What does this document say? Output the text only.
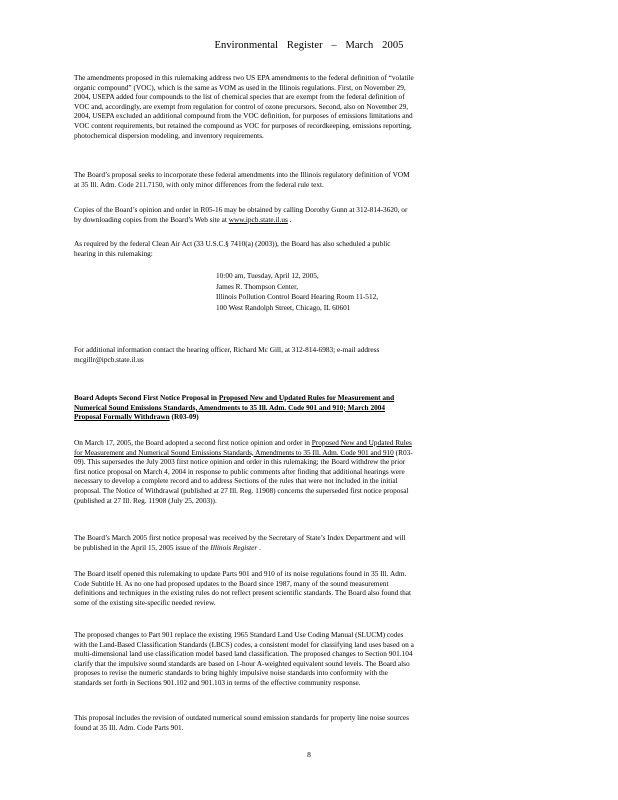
Environmental Register – March 2005
The amendments proposed in this rulemaking address two US EPA amendments to the federal definition of “volatile
organic compound” (VOC), which is the same as VOM as used in the Illinois regulations. First, on November 29,
2004, USEPA added four compounds to the list of chemical species that are exempt from the federal definition of
VOC and, accordingly, are exempt from regulation for control of ozone precursors. Second, also on November 29,
2004, USEPA excluded an additional compound from the VOC definition, for purposes of emissions limitations and
VOC content requirements, but retained the compound as VOC for purposes of recordkeeping, emissions reporting,
photochemical dispersion modeling, and inventory requirements.
The Board’s proposal seeks to incorporate these federal amendments into the Illinois regulatory definition of VOM
at 35 Ill. Adm. Code 211.7150, with only minor differences from the federal rule text.
Copies of the Board’s opinion and order in R05-16 may be obtained by calling Dorothy Gunn at 312-814-3620, or
by downloading copies from the Board’s Web site at www.ipcb.state.il.us .
As required by the federal Clean Air Act (33 U.S.C.§ 7410(a) (2003)), the Board has also scheduled a public
hearing in this rulemaking:
10:00 am, Tuesday, April 12, 2005,
James R. Thompson Center,
Illinois Pollution Control Board Hearing Room 11-512,
100 West Randolph Street, Chicago, IL 60601
For additional information contact the hearing officer, Richard Mc Gill, at 312-814-6983; e-mail address
mcgillr@ipcb.state.il.us
Board Adopts Second First Notice Proposal in Proposed New and Updated Rules for Measurement and
Numerical Sound Emissions Standards, Amendments to 35 Ill. Adm. Code 901 and 910; March 2004
Proposal Formally Withdrawn (R03-09)
On March 17, 2005, the Board adopted a second first notice opinion and order in Proposed New and Updated Rules
for Measurement and Numerical Sound Emissions Standards, Amendments to 35 Ill. Adm. Code 901 and 910 (R03-
09). This supersedes the July 2003 first notice opinion and order in this rulemaking; the Board withdrew the prior
first notice proposal on March 4, 2004 in response to public comments after finding that additional hearings were
necessary to develop a complete record and to address Sections of the rules that were not included in the initial
proposal. The Notice of Withdrawal (published at 27 Ill. Reg. 11908) concerns the superseded first notice proposal
(published at 27 Ill. Reg. 11908 (July 25, 2003)).
The Board’s March 2005 first notice proposal was received by the Secretary of State’s Index Department and will
be published in the April 15, 2005 issue of the Illinois Register .
The Board itself opened this rulemaking to update Parts 901 and 910 of its noise regulations found in 35 Ill. Adm.
Code Subtitle H. As no one had proposed updates to the Board since 1987, many of the sound measurement
definitions and techniques in the existing rules do not reflect present scientific standards. The Board also found that
some of the existing site-specific needed review.
The proposed changes to Part 901 replace the existing 1965 Standard Land Use Coding Manual (SLUCM) codes
with the Land-Based Classification Standards (LBCS) codes, a consistent model for classifying land uses based on a
multi-dimensional land use classification model based land classification. The proposed changes to Section 901.104
clarify that the impulsive sound standards are based on 1-hour A-weighted equivalent sound levels. The Board also
proposes to revise the numeric standards to bring highly impulsive noise standards into conformity with the
standards set forth in Sections 901.102 and 901.103 in terms of the effective community response.
This proposal includes the revision of outdated numerical sound emission standards for property line noise sources
found at 35 Ill. Adm. Code Parts 901.
8
